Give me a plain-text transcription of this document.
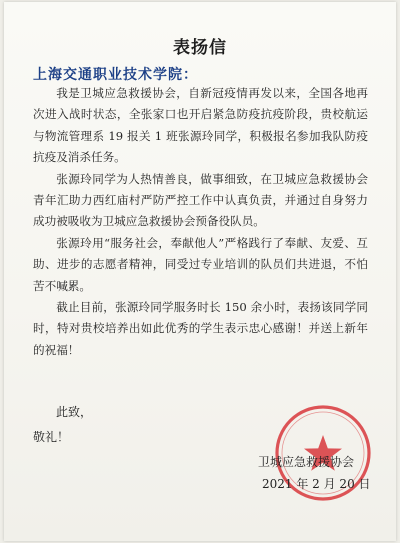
表扬信
上海交通职业技术学院：

我是卫城应急救援协会，自新冠疫情再发以来，全国各地再次进入战时状态，全张家口也开启紧急防疫抗疫阶段，贵校航运与物流管理系 19 报关 1 班张源玲同学，积极报名参加我队防疫抗疫及消杀任务。

张源玲同学为人热情善良，做事细致，在卫城应急救援协会青年汇助力西红庙村严防严控工作中认真负责，并通过自身努力成功被吸收为卫城应急救援协会预备役队员。

张源玲用“服务社会，奉献他人”严格践行了奉献、友爱、互助、进步的志愿者精神，同受过专业培训的队员们共进退，不怕苦不喊累。

截止目前，张源玲同学服务时长 150 余小时，表扬该同学同时，特对贵校培养出如此优秀的学生表示忠心感谢！并送上新年的祝福！

此致，
敬礼！
卫城应急救援协会
2021 年 2 月 20 日
